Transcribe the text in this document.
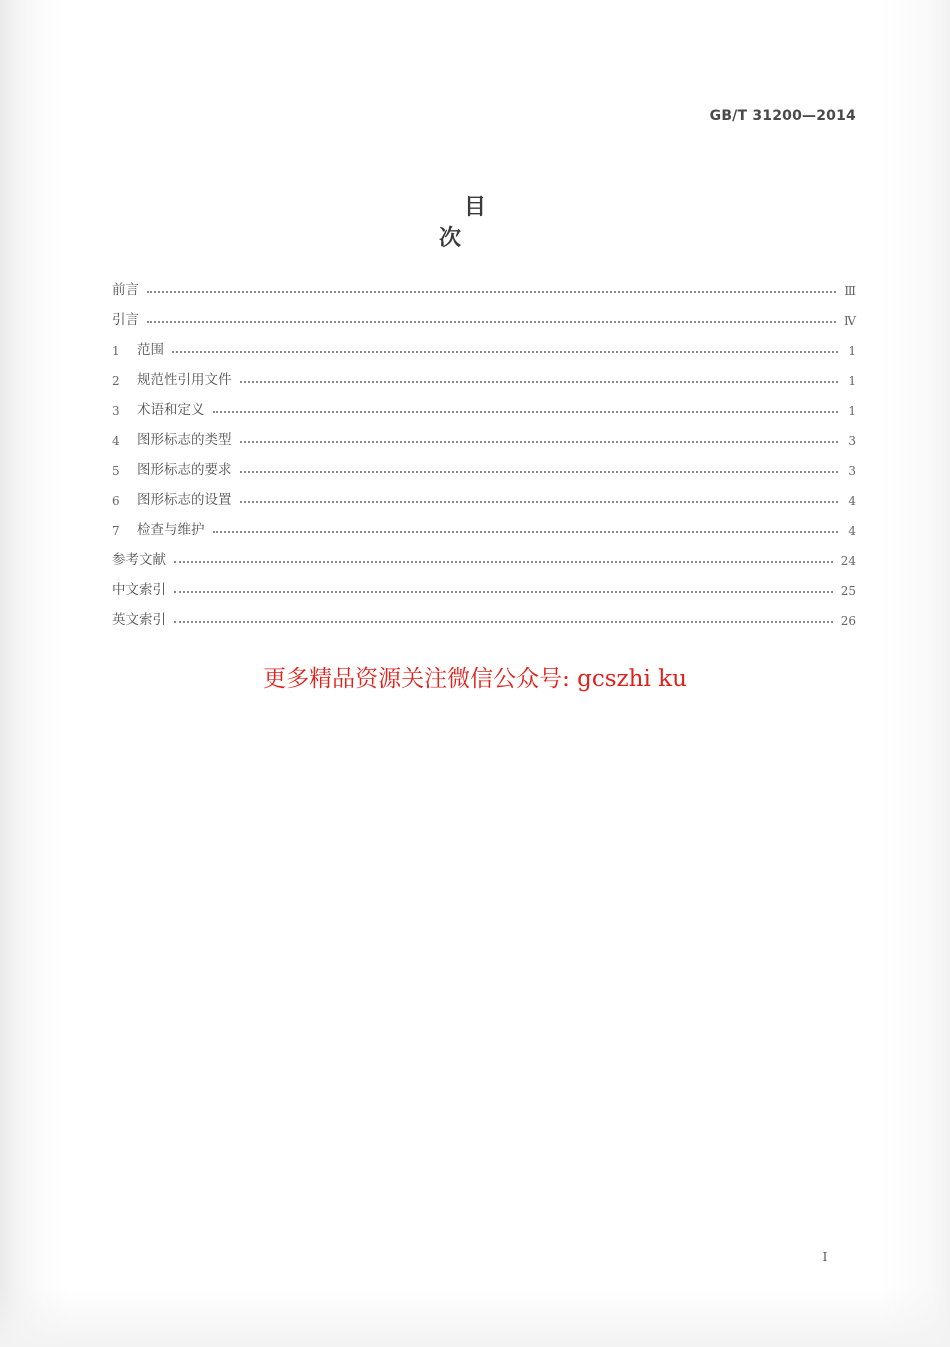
GB/T 31200—2014
目 次
前言	Ⅲ
引言	Ⅳ
1	范围	1
2	规范性引用文件	1
3	术语和定义	1
4	图形标志的类型	3
5	图形标志的要求	3
6	图形标志的设置	4
7	检查与维护	4
参考文献	24
中文索引	25
英文索引	26
更多精品资源关注微信公众号: gcszhi ku
I
